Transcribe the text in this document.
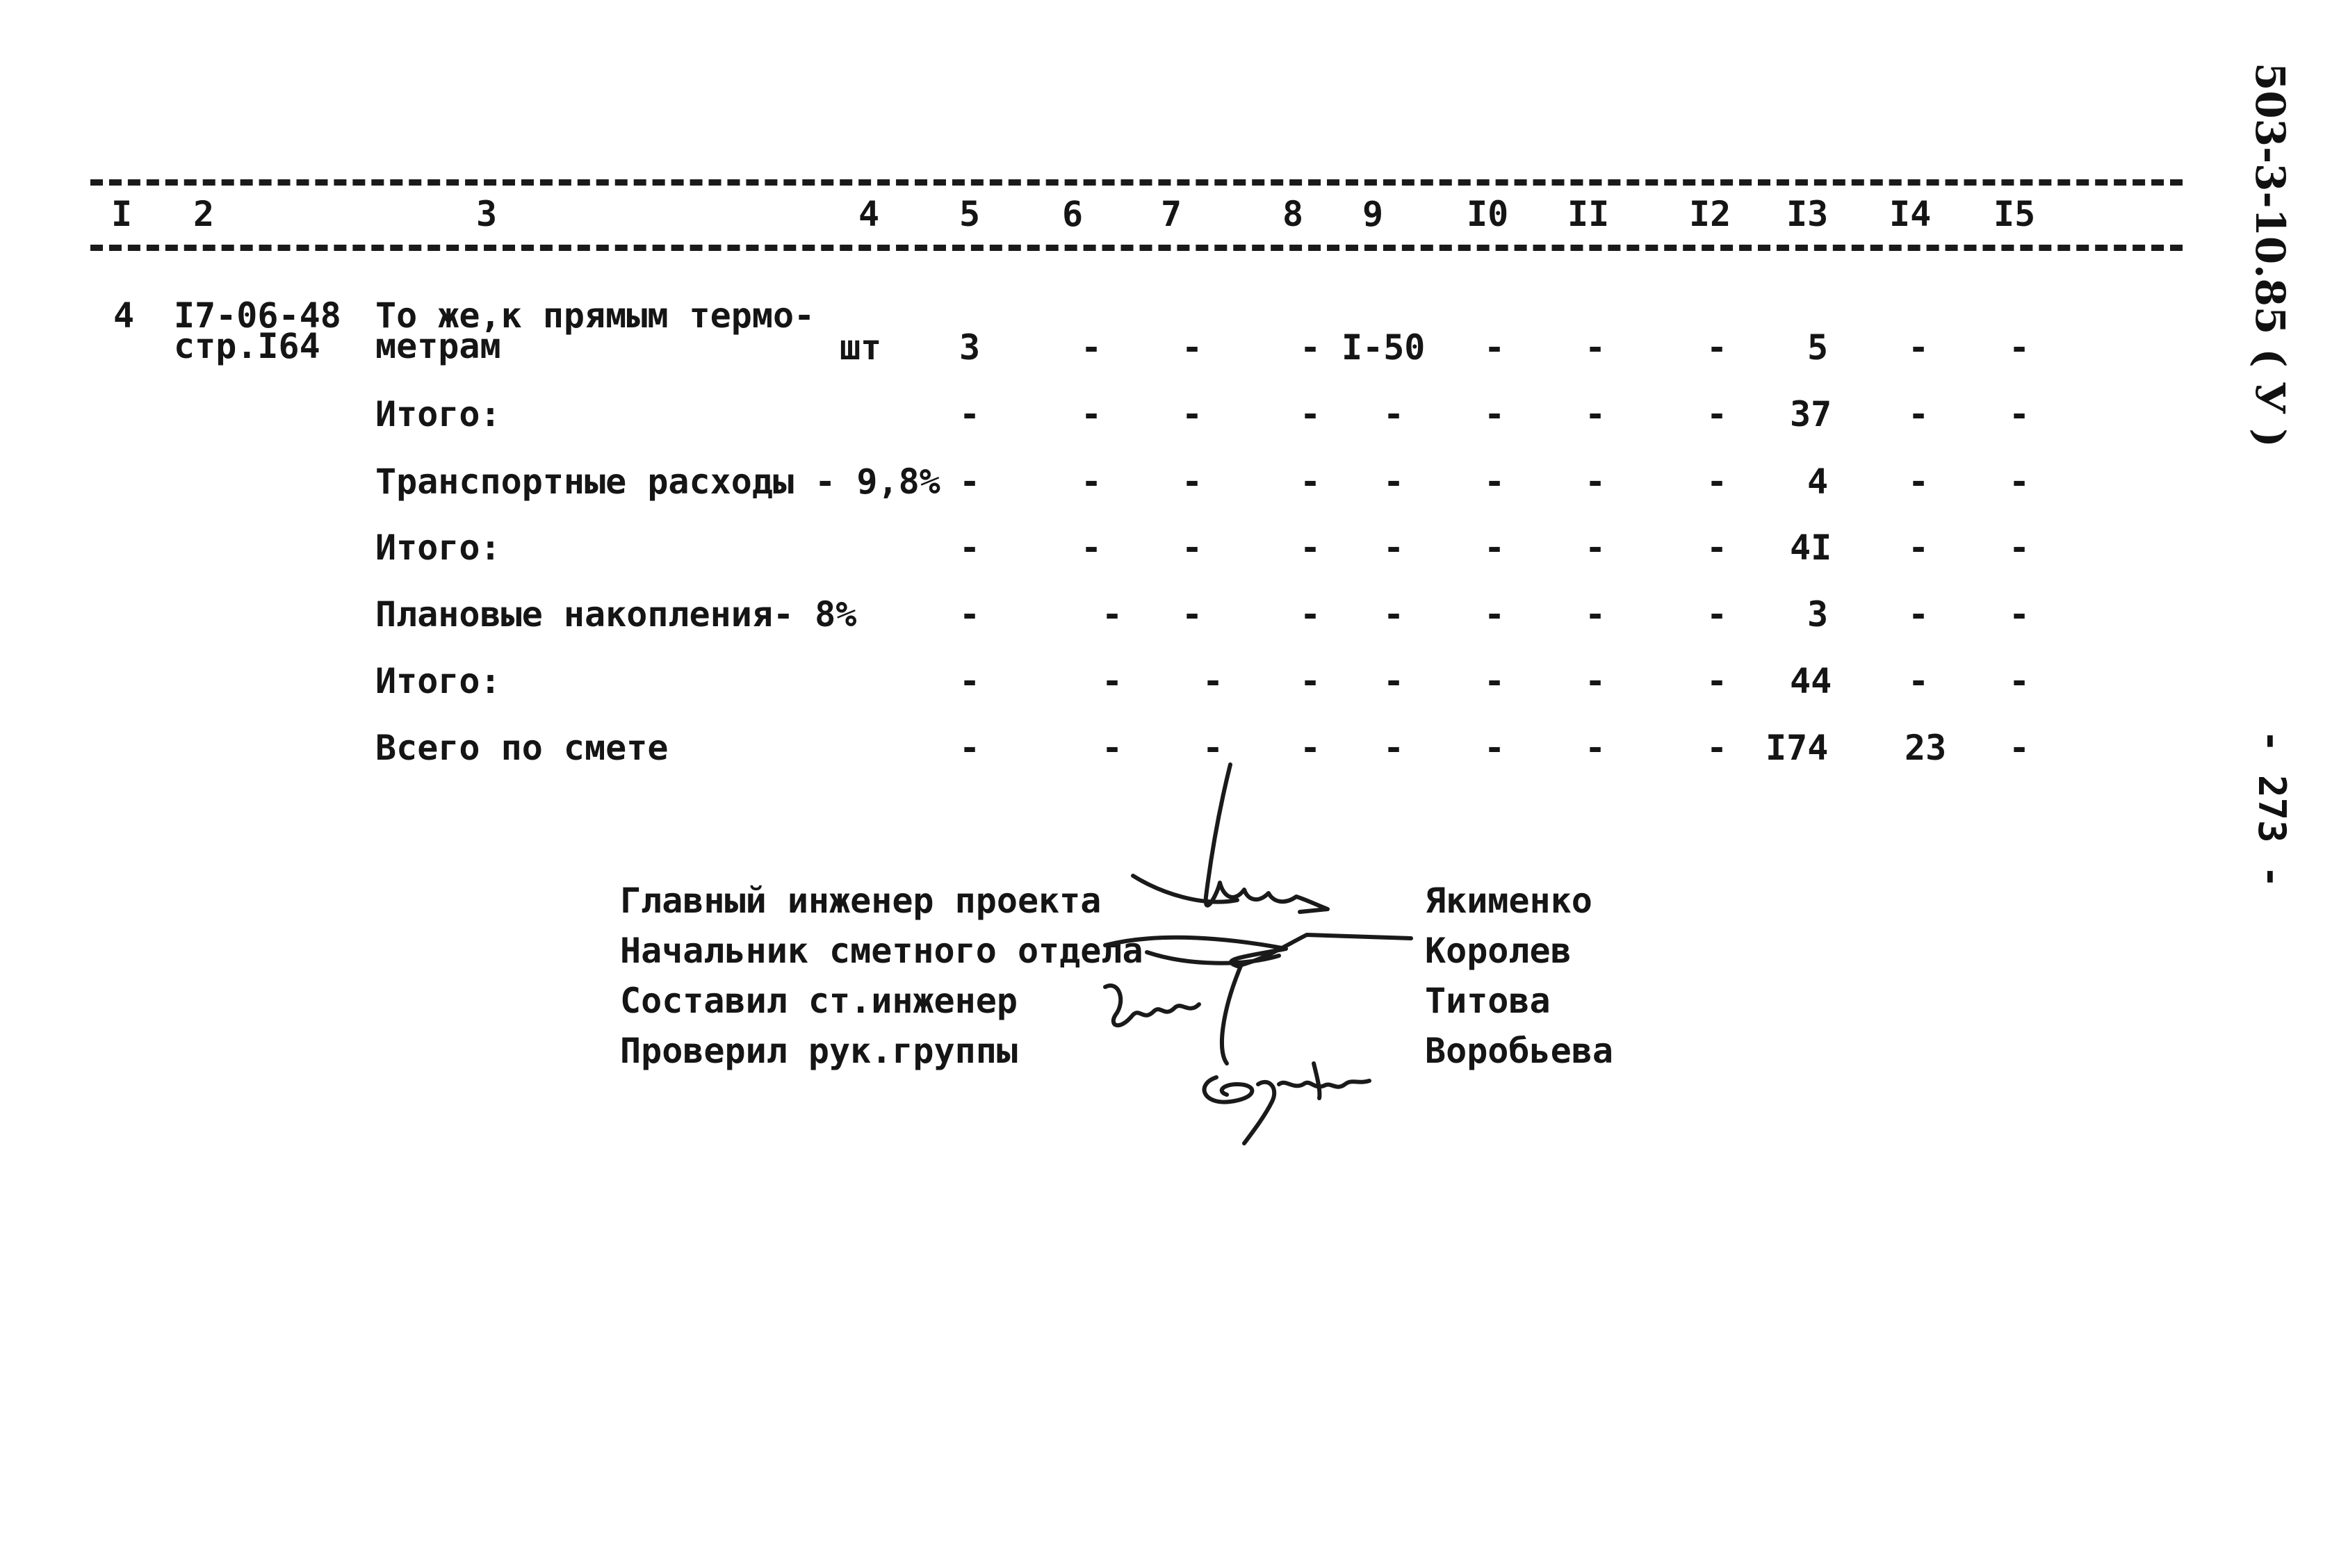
I 2	3	4 5 6 7	8 9 I0 II I2 I3 I4 I5
4 I7-06-48
стр.I64
То же,к прямым термо-
метрам	шт 3	- -	- I-50 - -	- 5 - -
Итого:	-	- -	- - - -	- 37 - -
Транспортные расходы - 9,8% -	- -	- - - -	- 4 - -
Итого:	-	- -	- - - -	- 4I - -
Плановые накопления- 8%	-	- -	- - - -	- 3 - -
Итого:	-	- - - - - -	- 44 - -
Всего по смете	-	- - - - - -	- I74 23 -
Главный инженер проекта	Якименко
Начальник сметного отдела	Королев
Составил ст.инженер	Титова
Проверил рук.группы	Воробьева
503-3-10.85 ( У )
- 273 -
